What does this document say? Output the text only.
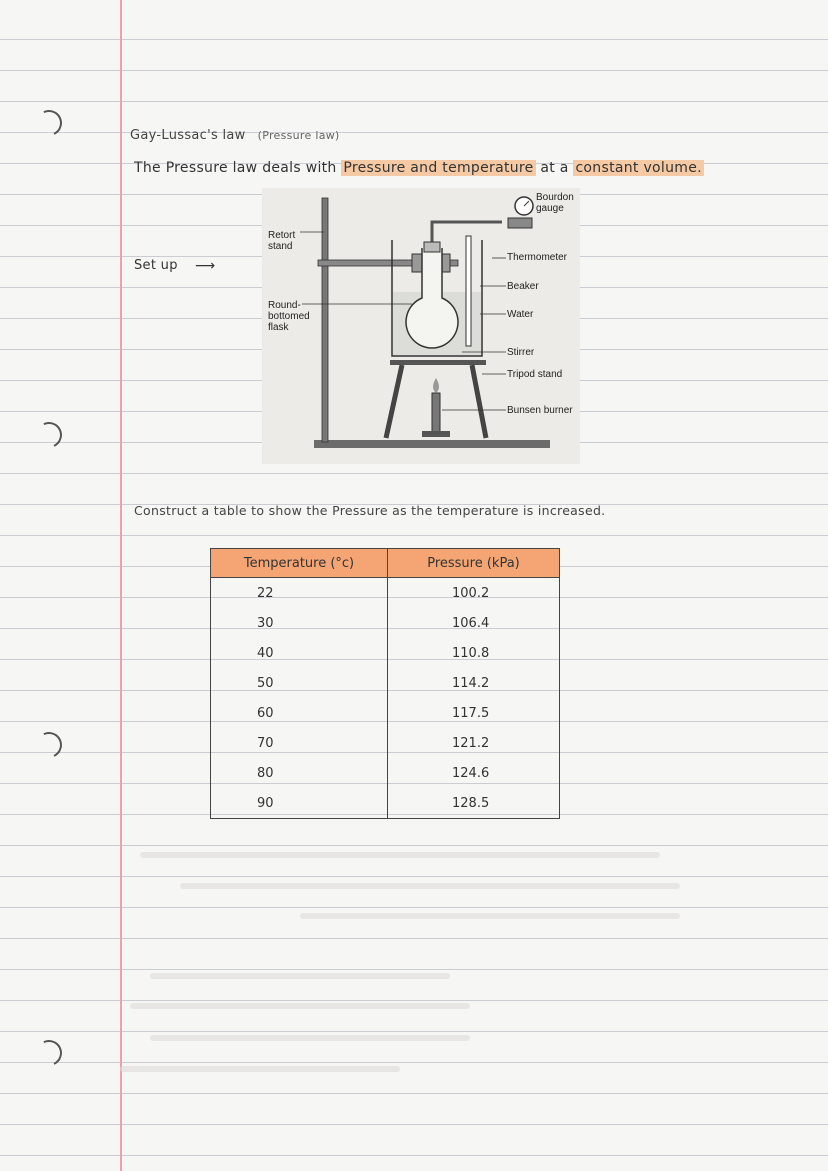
Gay-Lussac's law (Pressure law)
The Pressure law deals with Pressure and temperature at a constant volume.
Set up ⟶
Bourdon
gauge
Retort
stand
Thermometer
Beaker
Water
Round-
bottomed
flask
Stirrer
Tripod stand
Bunsen burner
Construct a table to show the Pressure as the temperature is increased.
Temperature (°c)	Pressure (kPa)
22	100.2
30	106.4
40	110.8
50	114.2
60	117.5
70	121.2
80	124.6
90	128.5
